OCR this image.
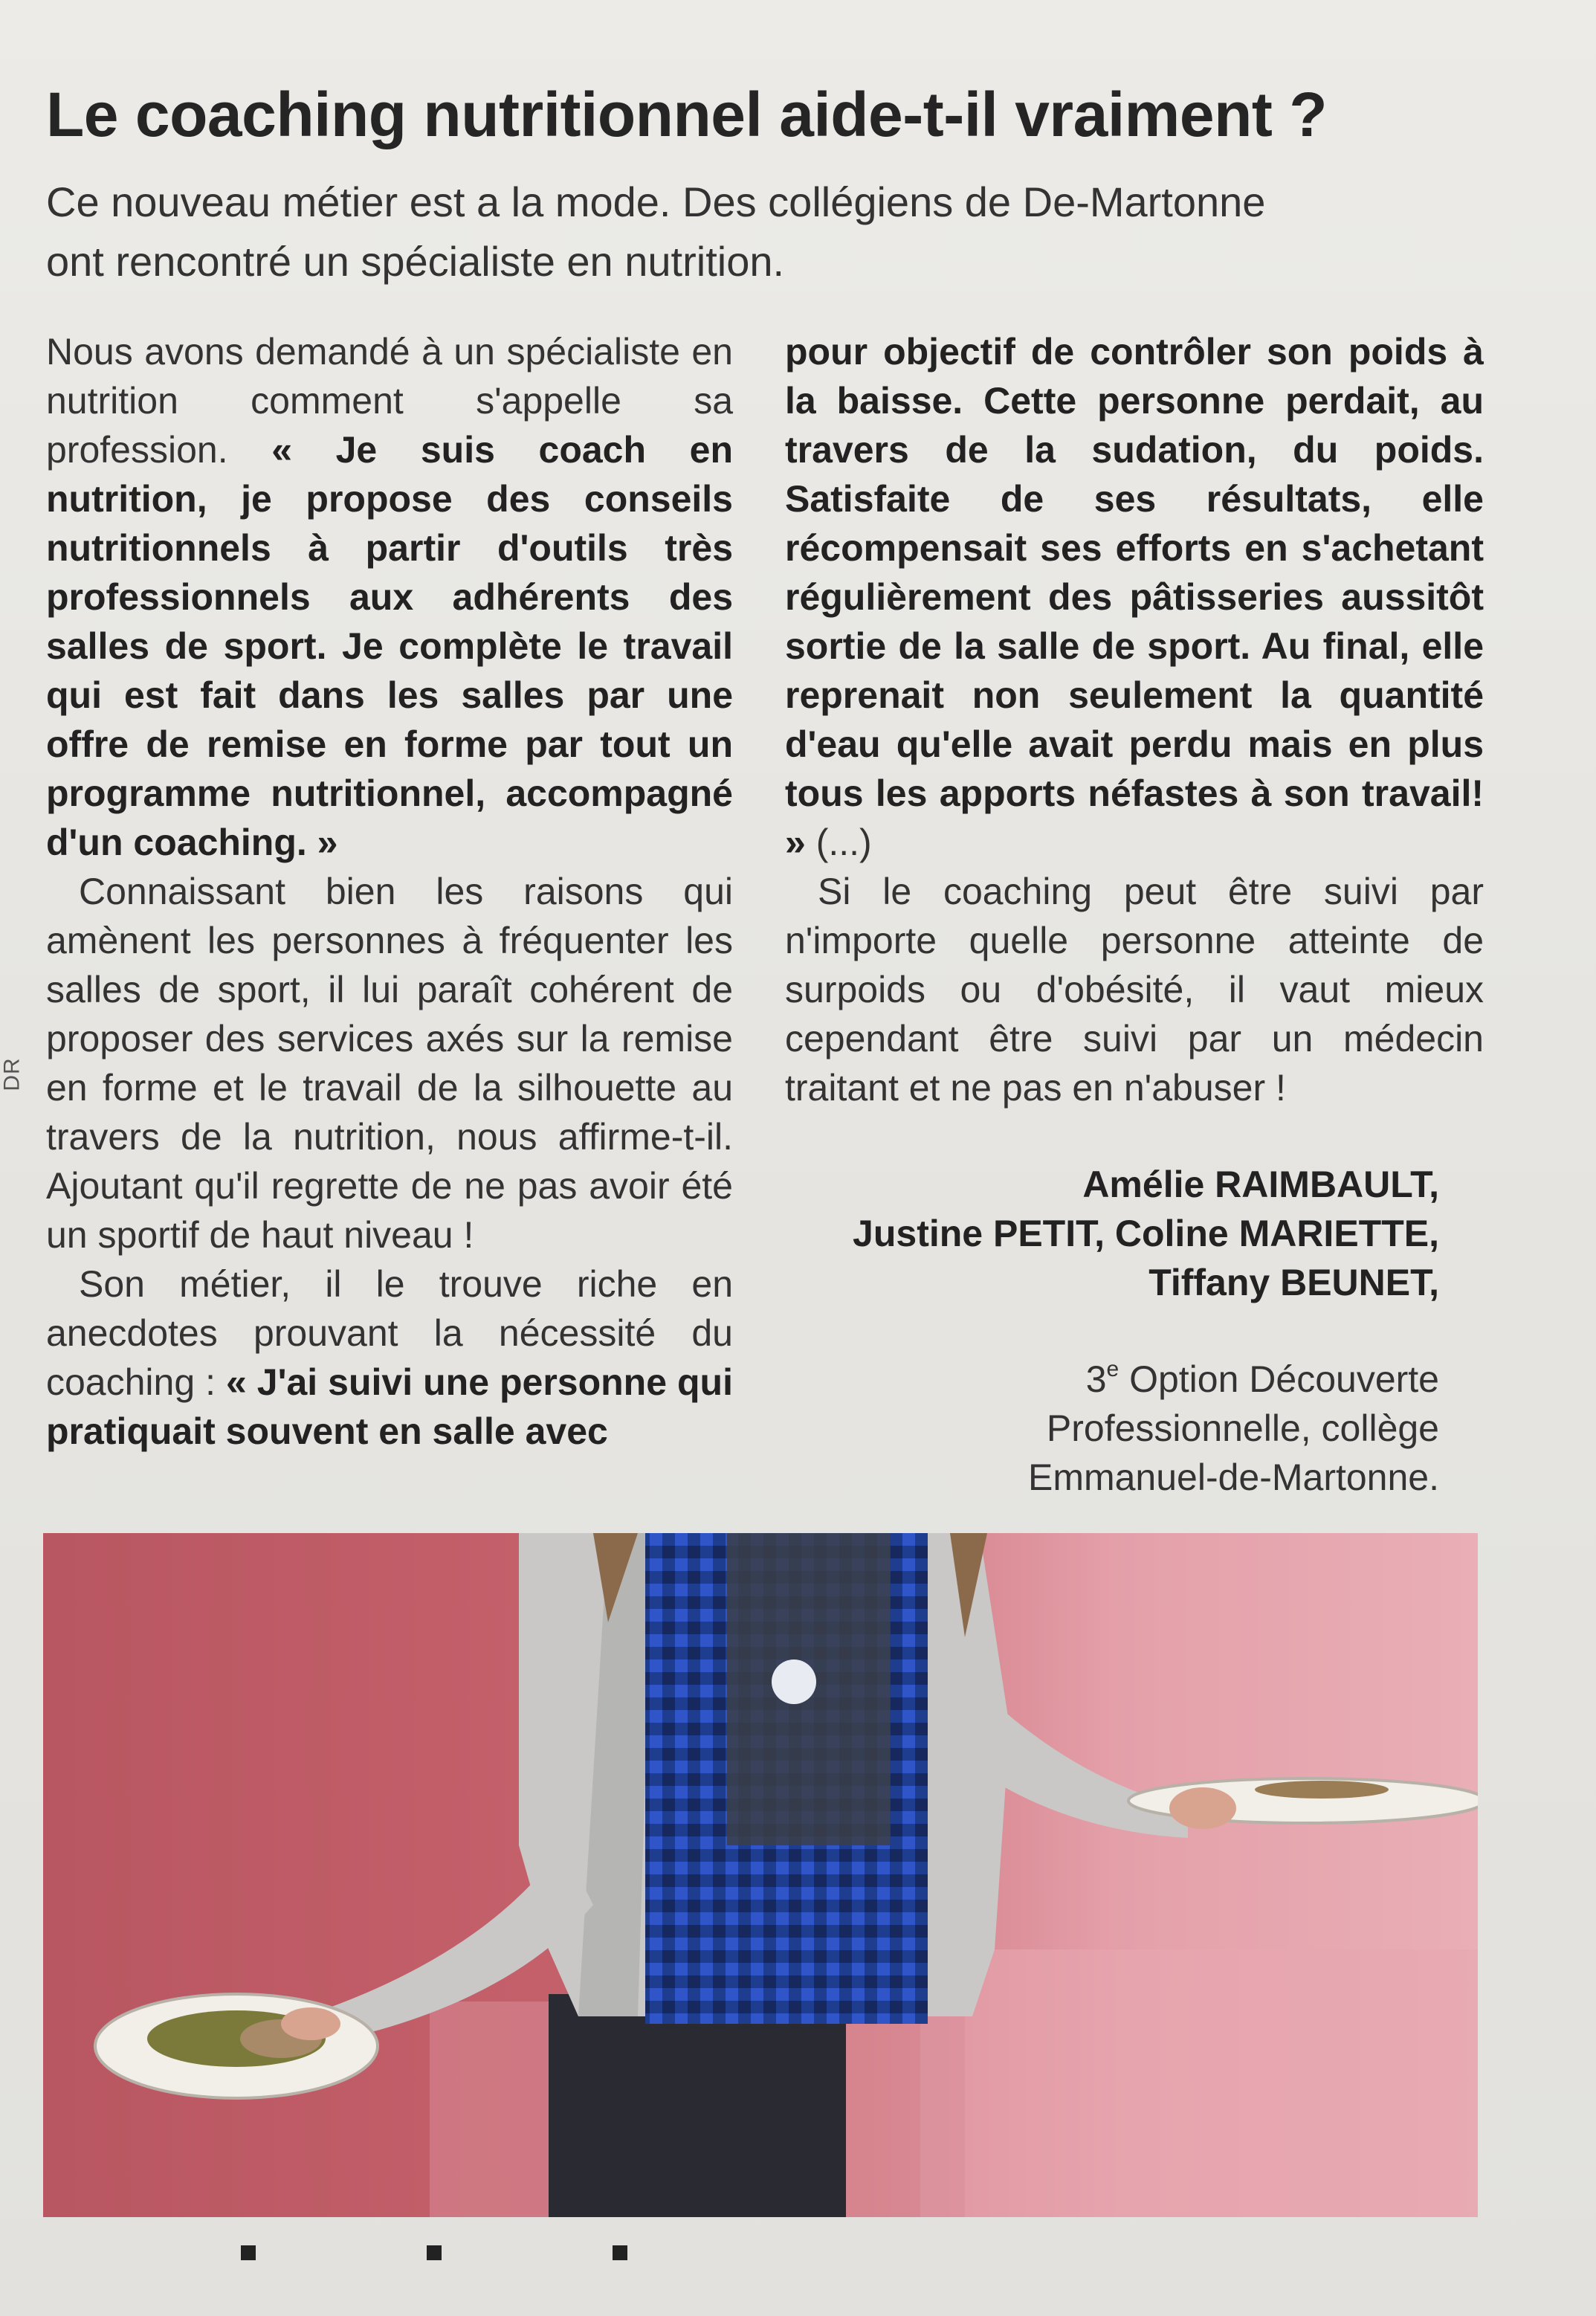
Le coaching nutritionnel aide-t-il vraiment ?
Ce nouveau métier est a la mode. Des collégiens de De-Martonne
ont rencontré un spécialiste en nutrition.
DR

Nous avons demandé à un spécialiste en nutrition comment s'appelle sa profession. « Je suis coach en nutrition, je propose des conseils nutritionnels à partir d'outils très professionnels aux adhérents des salles de sport. Je complète le travail qui est fait dans les salles par une offre de remise en forme par tout un programme nutritionnel, accompagné d'un coaching. »

Connaissant bien les raisons qui amènent les personnes à fréquenter les salles de sport, il lui paraît cohérent de proposer des services axés sur la remise en forme et le travail de la silhouette au travers de la nutrition, nous affirme-t-il. Ajoutant qu'il regrette de ne pas avoir été un sportif de haut niveau !

Son métier, il le trouve riche en anecdotes prouvant la nécessité du coaching : « J'ai suivi une personne qui pratiquait souvent en salle avec

pour objectif de contrôler son poids à la baisse. Cette personne perdait, au travers de la sudation, du poids. Satisfaite de ses résultats, elle récompensait ses efforts en s'achetant régulièrement des pâtisseries aussitôt sortie de la salle de sport. Au final, elle reprenait non seulement la quantité d'eau qu'elle avait perdu mais en plus tous les apports néfastes à son travail! » (...)

Si le coaching peut être suivi par n'importe quelle personne atteinte de surpoids ou d'obésité, il vaut mieux cependant être suivi par un médecin traitant et ne pas en n'abuser !

Amélie RAIMBAULT,
Justine PETIT, Coline MARIETTE,
Tiffany BEUNET,
3e Option Découverte
Professionnelle, collège
Emmanuel-de-Martonne.
